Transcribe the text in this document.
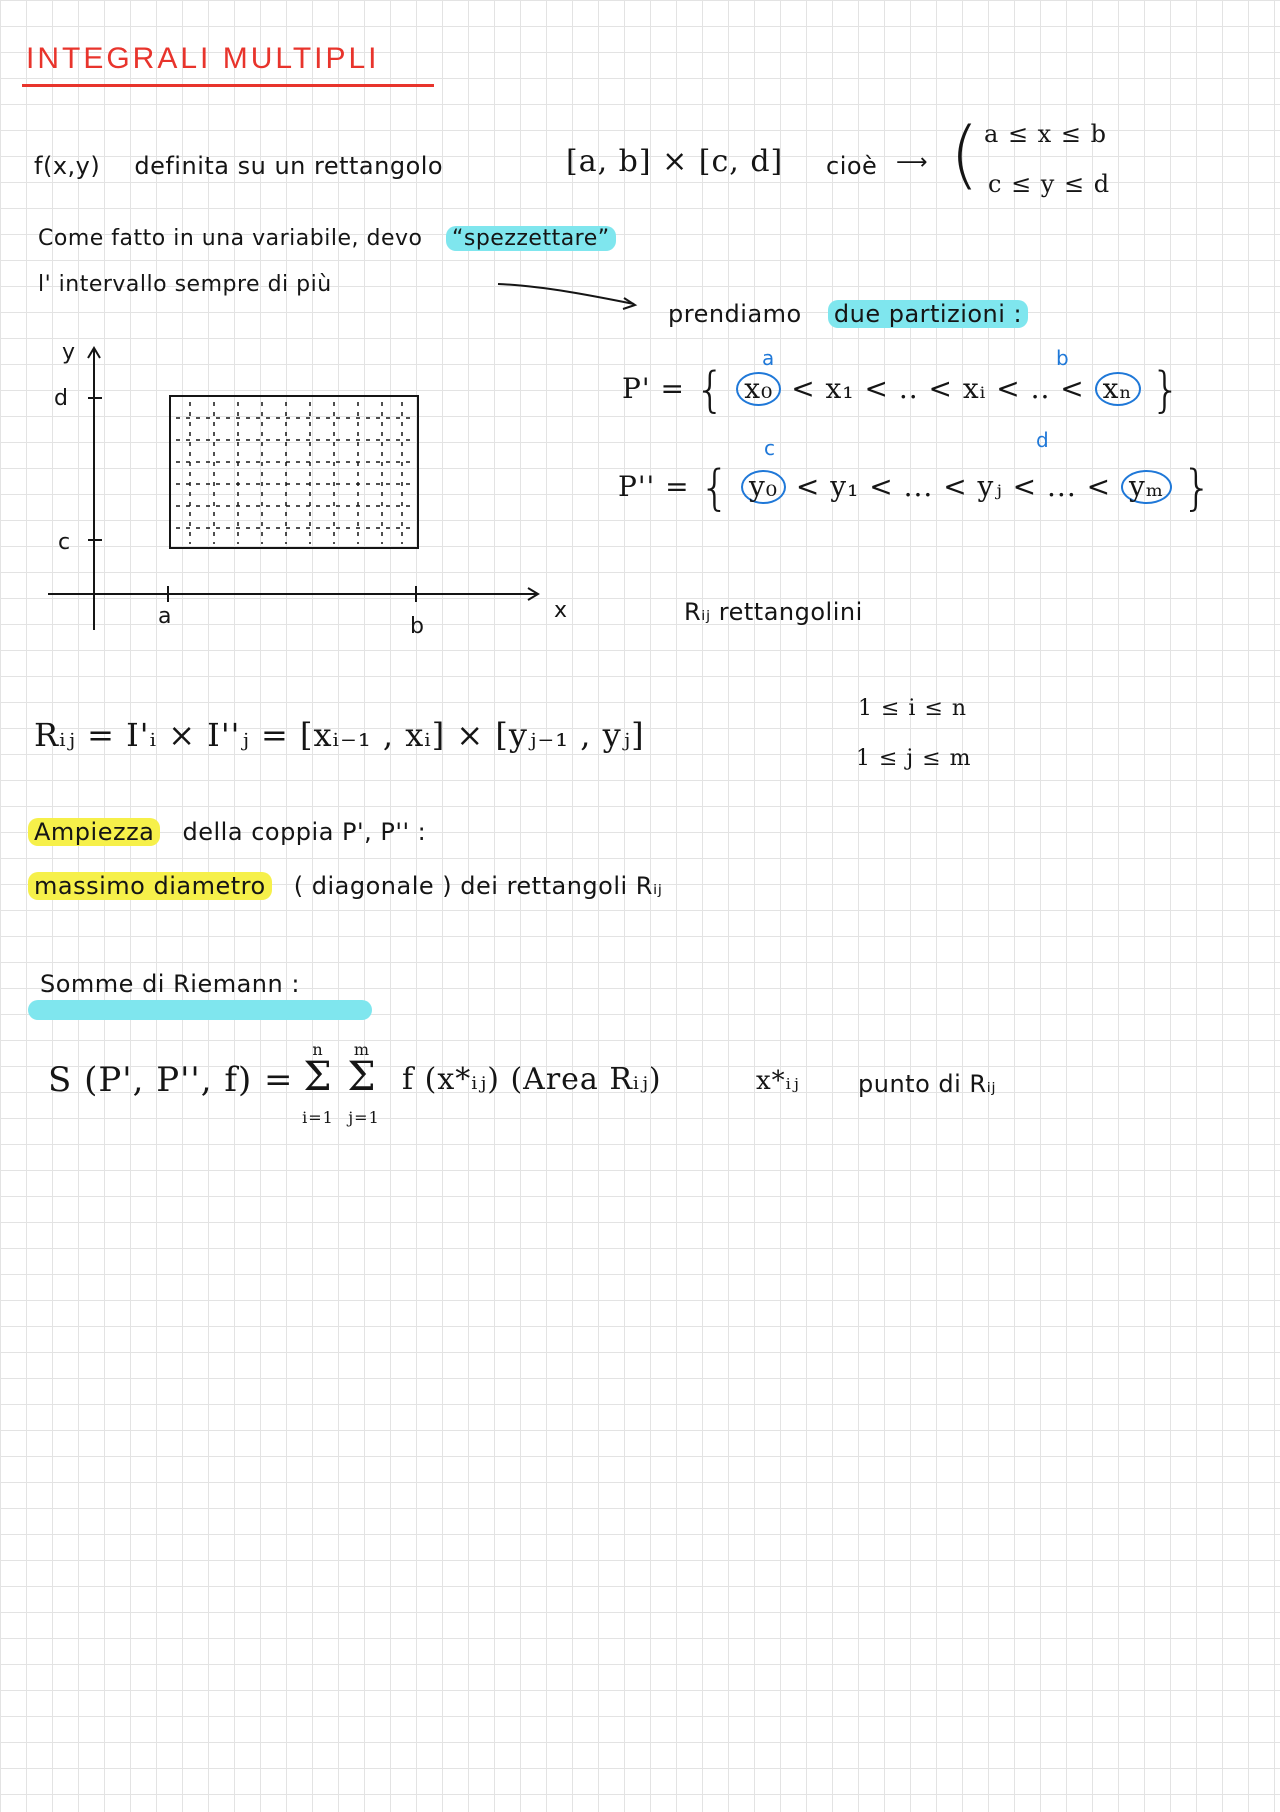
INTEGRALI MULTIPLI
f(x,y) definita su un rettangolo	[a, b] × [c, d] cioè ⟶ ( a ≤ x ≤ b
c ≤ y ≤ d
Come fatto in una variabile, devo “spezzettare”
l' intervallo sempre di più
prendiamo due partizioni :
a	b
P' = { x₀ < x₁ < .. < xᵢ < .. < xₙ }
c	d
P'' = { y₀ < y₁ < ... < yⱼ < ... < yₘ }
Rᵢⱼ rettangolini
y
x
d
c
a	b
Rᵢⱼ = I'ᵢ × I''ⱼ = [xᵢ₋₁ , xᵢ] × [yⱼ₋₁ , yⱼ]
1 ≤ i ≤ n
1 ≤ j ≤ m
Ampiezza della coppia P', P'' :
massimo diametro ( diagonale ) dei rettangoli Rᵢⱼ
Somme di Riemann :
S (P', P'', f) =
n
Σ
i=1
m
Σ
j=1
f (x*ᵢⱼ) (Area Rᵢⱼ)	x*ᵢⱼ punto di Rᵢⱼ
